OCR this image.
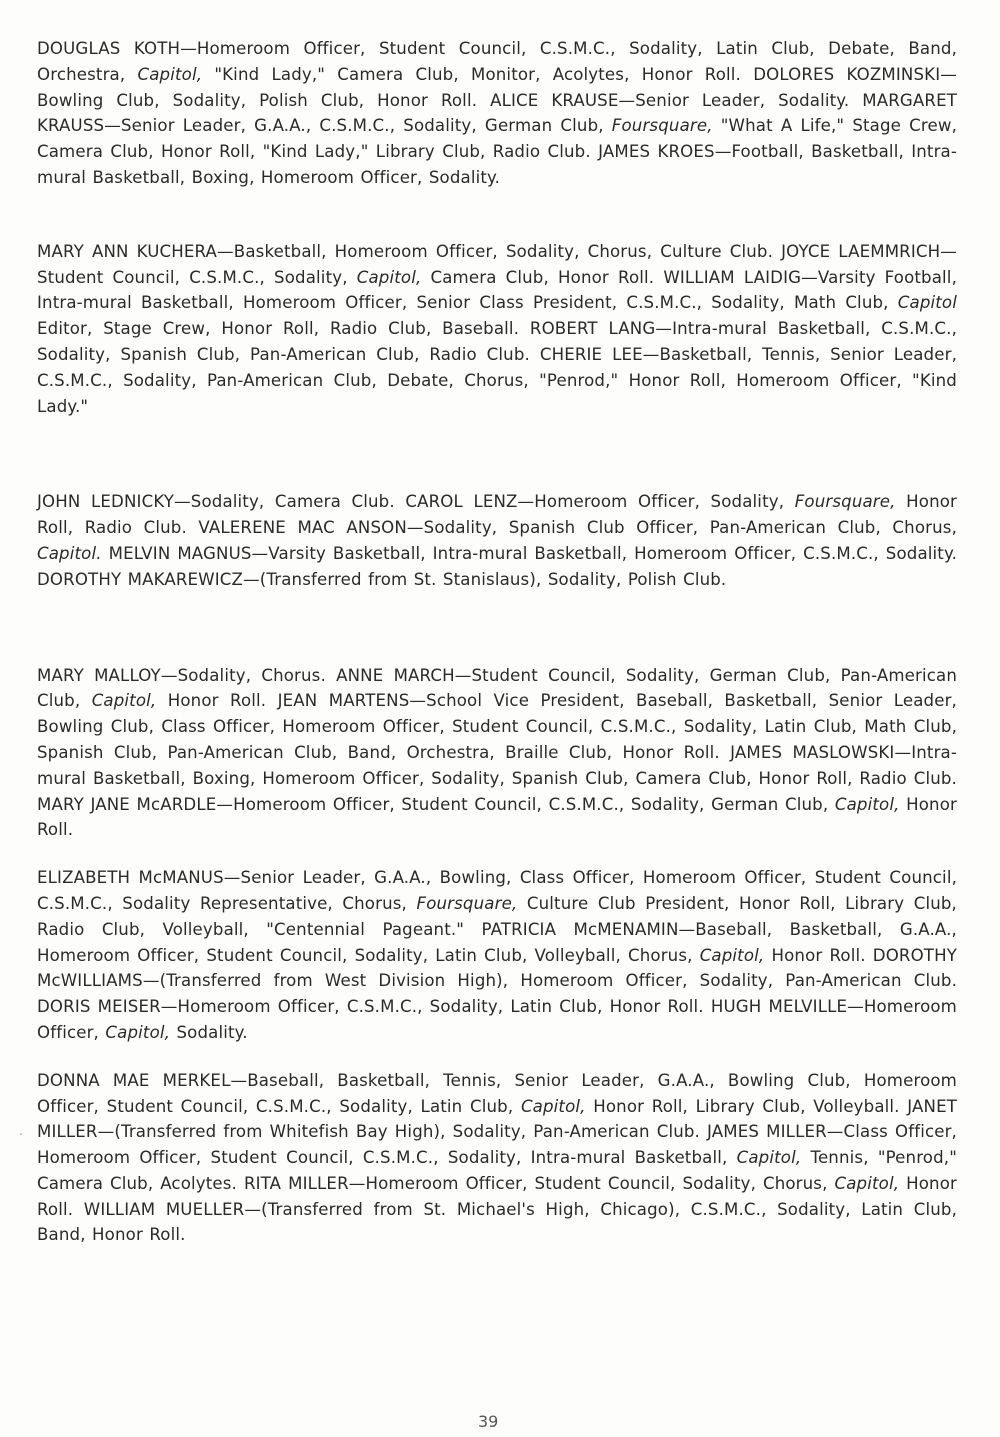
DOUGLAS KOTH—Homeroom Officer, Student Council, C.S.M.C., Sodality, Latin Club, Debate, Band, Orchestra, Capitol, "Kind Lady," Camera Club, Monitor, Acolytes, Honor Roll. DOLORES KOZMINSKI—Bowling Club, Sodality, Polish Club, Honor Roll. ALICE KRAUSE—Senior Leader, Sodality. MARGARET KRAUSS—Senior Leader, G.A.A., C.S.M.C., Sodality, German Club, Foursquare, "What A Life," Stage Crew, Camera Club, Honor Roll, "Kind Lady," Library Club, Radio Club. JAMES KROES—Football, Basketball, Intra-mural Basketball, Boxing, Homeroom Officer, Sodality.

MARY ANN KUCHERA—Basketball, Homeroom Officer, Sodality, Chorus, Culture Club. JOYCE LAEMMRICH—Student Council, C.S.M.C., Sodality, Capitol, Camera Club, Honor Roll. WILLIAM LAIDIG—Varsity Football, Intra-mural Basketball, Homeroom Officer, Senior Class President, C.S.M.C., Sodality, Math Club, Capitol Editor, Stage Crew, Honor Roll, Radio Club, Baseball. ROBERT LANG—Intra-mural Basketball, C.S.M.C., Sodality, Spanish Club, Pan-American Club, Radio Club. CHERIE LEE—Basketball, Tennis, Senior Leader, C.S.M.C., Sodality, Pan-American Club, Debate, Chorus, "Penrod," Honor Roll, Homeroom Officer, "Kind Lady."

JOHN LEDNICKY—Sodality, Camera Club. CAROL LENZ—Homeroom Officer, Sodality, Foursquare, Honor Roll, Radio Club. VALERENE MAC ANSON—Sodality, Spanish Club Officer, Pan-American Club, Chorus, Capitol. MELVIN MAGNUS—Varsity Basketball, Intra-mural Basketball, Homeroom Officer, C.S.M.C., Sodality. DOROTHY MAKAREWICZ—(Transferred from St. Stanislaus), Sodality, Polish Club.

MARY MALLOY—Sodality, Chorus. ANNE MARCH—Student Council, Sodality, German Club, Pan-American Club, Capitol, Honor Roll. JEAN MARTENS—School Vice President, Baseball, Basketball, Senior Leader, Bowling Club, Class Officer, Homeroom Officer, Student Council, C.S.M.C., Sodality, Latin Club, Math Club, Spanish Club, Pan-American Club, Band, Orchestra, Braille Club, Honor Roll. JAMES MASLOWSKI—Intra-mural Basketball, Boxing, Homeroom Officer, Sodality, Spanish Club, Camera Club, Honor Roll, Radio Club. MARY JANE McARDLE—Homeroom Officer, Student Council, C.S.M.C., Sodality, German Club, Capitol, Honor Roll.

ELIZABETH McMANUS—Senior Leader, G.A.A., Bowling, Class Officer, Homeroom Officer, Student Council, C.S.M.C., Sodality Representative, Chorus, Foursquare, Culture Club President, Honor Roll, Library Club, Radio Club, Volleyball, "Centennial Pageant." PATRICIA McMENAMIN—Baseball, Basketball, G.A.A., Homeroom Officer, Student Council, Sodality, Latin Club, Volleyball, Chorus, Capitol, Honor Roll. DOROTHY McWILLIAMS—(Transferred from West Division High), Homeroom Officer, Sodality, Pan-American Club. DORIS MEISER—Homeroom Officer, C.S.M.C., Sodality, Latin Club, Honor Roll. HUGH MELVILLE—Homeroom Officer, Capitol, Sodality.

DONNA MAE MERKEL—Baseball, Basketball, Tennis, Senior Leader, G.A.A., Bowling Club, Homeroom Officer, Student Council, C.S.M.C., Sodality, Latin Club, Capitol, Honor Roll, Library Club, Volleyball. JANET MILLER—(Transferred from Whitefish Bay High), Sodality, Pan-American Club. JAMES MILLER—Class Officer, Homeroom Officer, Student Council, C.S.M.C., Sodality, Intra-mural Basketball, Capitol, Tennis, "Penrod," Camera Club, Acolytes. RITA MILLER—Homeroom Officer, Student Council, Sodality, Chorus, Capitol, Honor Roll. WILLIAM MUELLER—(Transferred from St. Michael's High, Chicago), C.S.M.C., Sodality, Latin Club, Band, Honor Roll.

39
